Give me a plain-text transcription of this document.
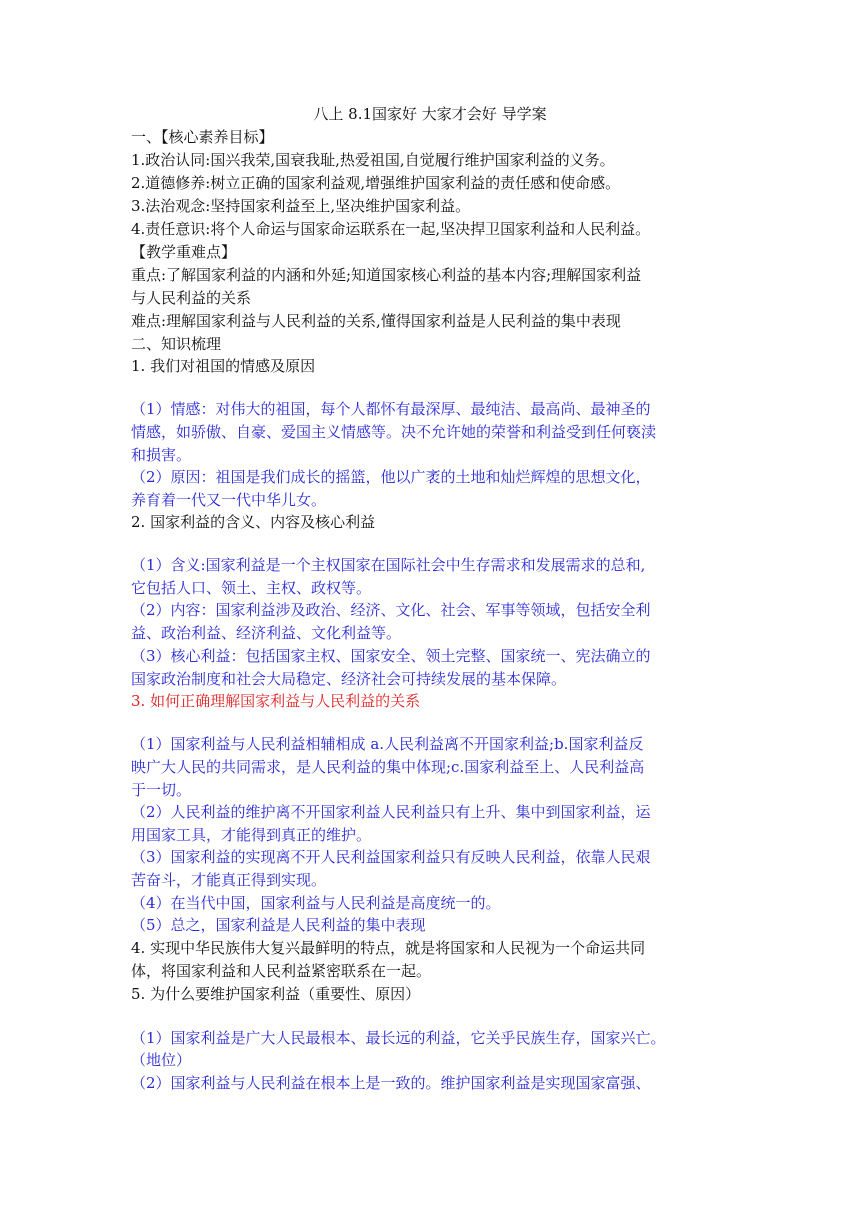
八上 8.1国家好 大家才会好 导学案
一、【核心素养目标】
1.政治认同:国兴我荣,国衰我耻,热爱祖国,自觉履行维护国家利益的义务。
2.道德修养:树立正确的国家利益观,增强维护国家利益的责任感和使命感。
3.法治观念:坚持国家利益至上,坚决维护国家利益。
4.责任意识:将个人命运与国家命运联系在一起,坚决捍卫国家利益和人民利益。
【教学重难点】
重点:了解国家利益的内涵和外延;知道国家核心利益的基本内容;理解国家利益
与人民利益的关系
难点:理解国家利益与人民利益的关系,懂得国家利益是人民利益的集中表现
二、知识梳理
1. 我们对祖国的情感及原因
（1）情感：对伟大的祖国，每个人都怀有最深厚、最纯洁、最高尚、最神圣的
情感，如骄傲、自豪、爱国主义情感等。决不允许她的荣誉和利益受到任何亵渎
和损害。
（2）原因：祖国是我们成长的摇篮，他以广袤的土地和灿烂辉煌的思想文化，
养育着一代又一代中华儿女。
2. 国家利益的含义、内容及核心利益
（1）含义:国家利益是一个主权国家在国际社会中生存需求和发展需求的总和,
它包括人口、领土、主权、政权等。
（2）内容：国家利益涉及政治、经济、文化、社会、军事等领域，包括安全利
益、政治利益、经济利益、文化利益等。
（3）核心利益：包括国家主权、国家安全、领土完整、国家统一、宪法确立的
国家政治制度和社会大局稳定、经济社会可持续发展的基本保障。
3. 如何正确理解国家利益与人民利益的关系
（1）国家利益与人民利益相辅相成 a.人民利益离不开国家利益;b.国家利益反
映广大人民的共同需求，是人民利益的集中体现;c.国家利益至上、人民利益高
于一切。
（2）人民利益的维护离不开国家利益人民利益只有上升、集中到国家利益，运
用国家工具，才能得到真正的维护。
（3）国家利益的实现离不开人民利益国家利益只有反映人民利益，依靠人民艰
苦奋斗，才能真正得到实现。
（4）在当代中国，国家利益与人民利益是高度统一的。
（5）总之，国家利益是人民利益的集中表现
4. 实现中华民族伟大复兴最鲜明的特点，就是将国家和人民视为一个命运共同
体，将国家利益和人民利益紧密联系在一起。
5. 为什么要维护国家利益（重要性、原因）
（1）国家利益是广大人民最根本、最长远的利益，它关乎民族生存，国家兴亡。
（地位）
（2）国家利益与人民利益在根本上是一致的。维护国家利益是实现国家富强、
